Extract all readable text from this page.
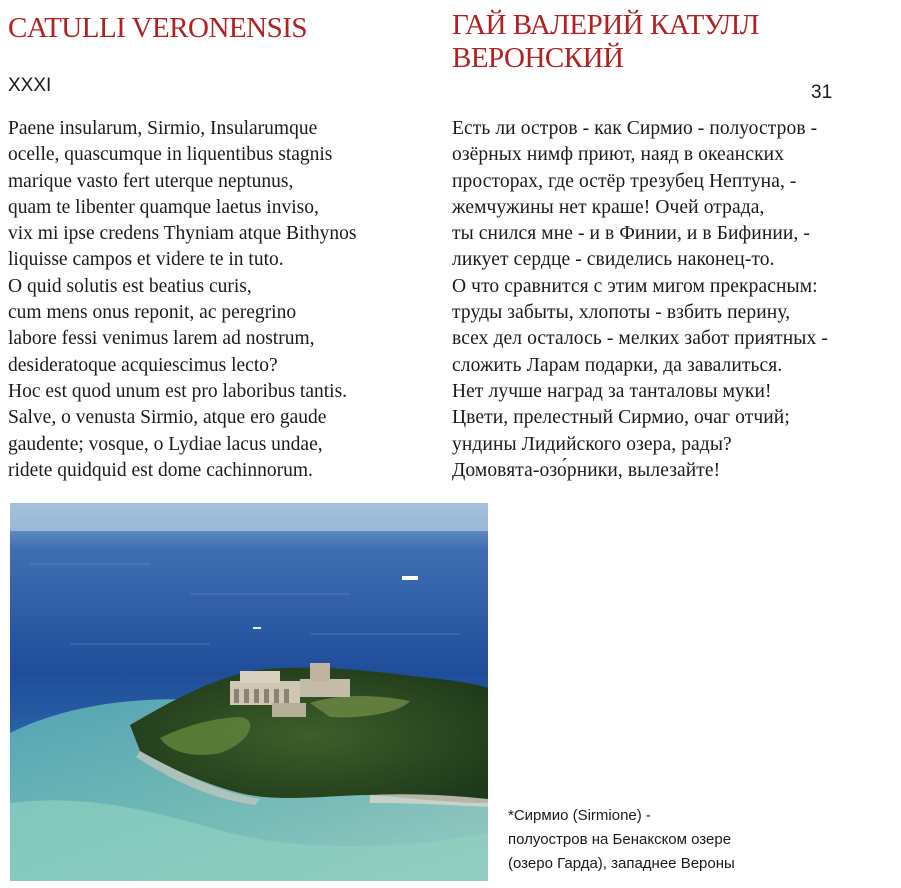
CATULLI VERONENSIS	ГАЙ ВАЛЕРИЙ КАТУЛЛ
ВЕРОНСКИЙ
XXXI	31
Paene insularum, Sirmio, Insularumque
ocelle, quascumque in liquentibus stagnis
marique vasto fert uterque neptunus,
quam te libenter quamque laetus inviso,
vix mi ipse credens Thyniam atque Bithynos
liquisse campos et videre te in tuto.
O quid solutis est beatius curis,
cum mens onus reponit, ac peregrino
labore fessi venimus larem ad nostrum,
desideratoque acquiescimus lecto?
Hoc est quod unum est pro laboribus tantis.
Salve, o venusta Sirmio, atque ero gaude
gaudente; vosque, o Lydiae lacus undae,
ridete quidquid est dome cachinnorum.
Есть ли остров - как Сирмио - полуостров -
озёрных нимф приют, наяд в океанских
просторах, где остёр трезубец Нептуна, -
жемчужины нет краше! Очей отрада,
ты снился мне - и в Финии, и в Бифинии, -
ликует сердце - свиделись наконец-то.
О что сравнится с этим мигом прекрасным:
труды забыты, хлопоты - взбить перину,
всех дел осталось - мелких забот приятных -
сложить Ларам подарки, да завалиться.
Нет лучше наград за танталовы муки!
Цвети, прелестный Сирмио, очаг отчий;
ундины Лидийского озера, рады?
Домовята-озо́рники, вылезайте!
*Сирмио (Sirmione) -
полуостров на Бенакском озере
(озеро Гарда), западнее Вероны
